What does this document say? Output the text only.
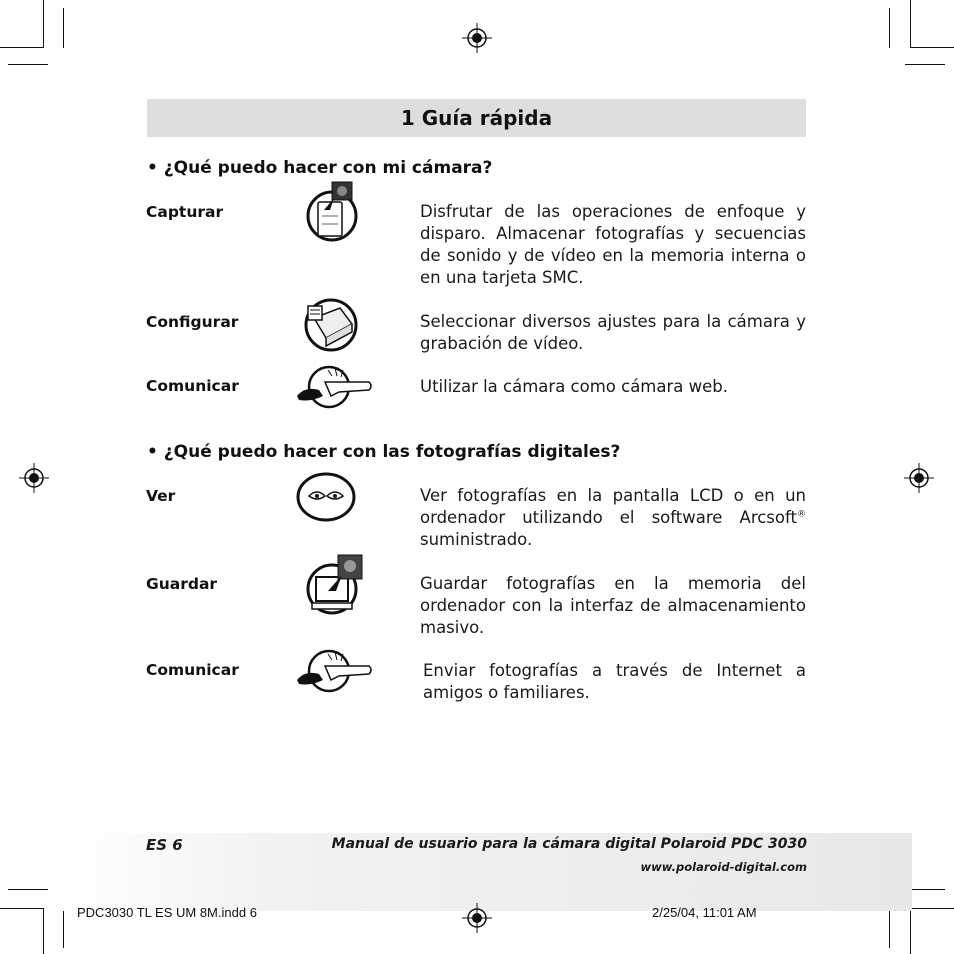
1 Guía rápida
• ¿Qué puedo hacer con mi cámara?
Capturar	Disfrutar de las operaciones de enfoque y disparo. Almacenar fotografías y secuencias de sonido y de vídeo en la memoria interna o en una tarjeta SMC.
Configurar	Seleccionar diversos ajustes para la cámara y grabación de vídeo.
Comunicar	Utilizar la cámara como cámara web.
• ¿Qué puedo hacer con las fotografías digitales?
Ver	Ver fotografías en la pantalla LCD o en un ordenador utilizando el software Arcsoft® suministrado.
Guardar	Guardar fotografías en la memoria del ordenador con la interfaz de almacenamiento masivo.
Comunicar	Enviar fotografías a través de Internet a amigos o familiares.
ES 6	Manual de usuario para la cámara digital Polaroid PDC 3030
www.polaroid-digital.com
PDC3030 TL ES UM 8M.indd 6	2/25/04, 11:01 AM
